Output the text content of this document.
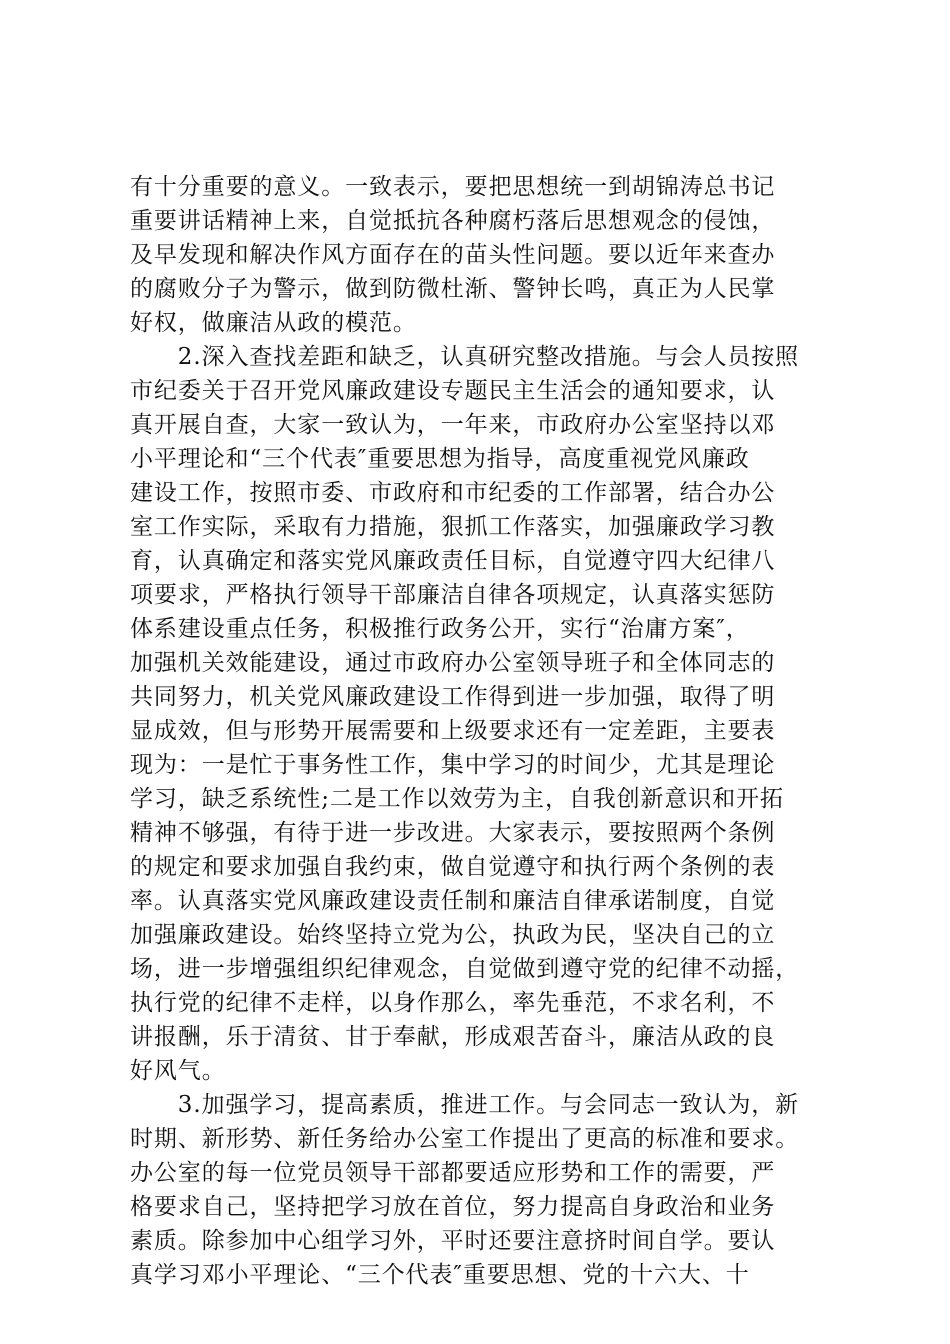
有十分重要的意义。一致表示，要把思想统一到胡锦涛总书记
重要讲话精神上来，自觉抵抗各种腐朽落后思想观念的侵蚀，
及早发现和解决作风方面存在的苗头性问题。要以近年来查办
的腐败分子为警示，做到防微杜渐、警钟长鸣，真正为人民掌
好权，做廉洁从政的模范。
　　2.深入查找差距和缺乏，认真研究整改措施。与会人员按照
市纪委关于召开党风廉政建设专题民主生活会的通知要求，认
真开展自查，大家一致认为，一年来，市政府办公室坚持以邓
小平理论和“三个代表″重要思想为指导，高度重视党风廉政
建设工作，按照市委、市政府和市纪委的工作部署，结合办公
室工作实际，采取有力措施，狠抓工作落实，加强廉政学习教
育，认真确定和落实党风廉政责任目标，自觉遵守四大纪律八
项要求，严格执行领导干部廉洁自律各项规定，认真落实惩防
体系建设重点任务，积极推行政务公开，实行“治庸方案″，
加强机关效能建设，通过市政府办公室领导班子和全体同志的
共同努力，机关党风廉政建设工作得到进一步加强，取得了明
显成效，但与形势开展需要和上级要求还有一定差距，主要表
现为：一是忙于事务性工作，集中学习的时间少，尤其是理论
学习，缺乏系统性;二是工作以效劳为主，自我创新意识和开拓
精神不够强，有待于进一步改进。大家表示，要按照两个条例
的规定和要求加强自我约束，做自觉遵守和执行两个条例的表
率。认真落实党风廉政建设责任制和廉洁自律承诺制度，自觉
加强廉政建设。始终坚持立党为公，执政为民，坚决自己的立
场，进一步增强组织纪律观念，自觉做到遵守党的纪律不动摇，
执行党的纪律不走样，以身作那么，率先垂范，不求名利，不
讲报酬，乐于清贫、甘于奉献，形成艰苦奋斗，廉洁从政的良
好风气。
　　3.加强学习，提高素质，推进工作。与会同志一致认为，新
时期、新形势、新任务给办公室工作提出了更高的标准和要求。
办公室的每一位党员领导干部都要适应形势和工作的需要，严
格要求自己，坚持把学习放在首位，努力提高自身政治和业务
素质。除参加中心组学习外，平时还要注意挤时间自学。要认
真学习邓小平理论、“三个代表″重要思想、党的十六大、十
